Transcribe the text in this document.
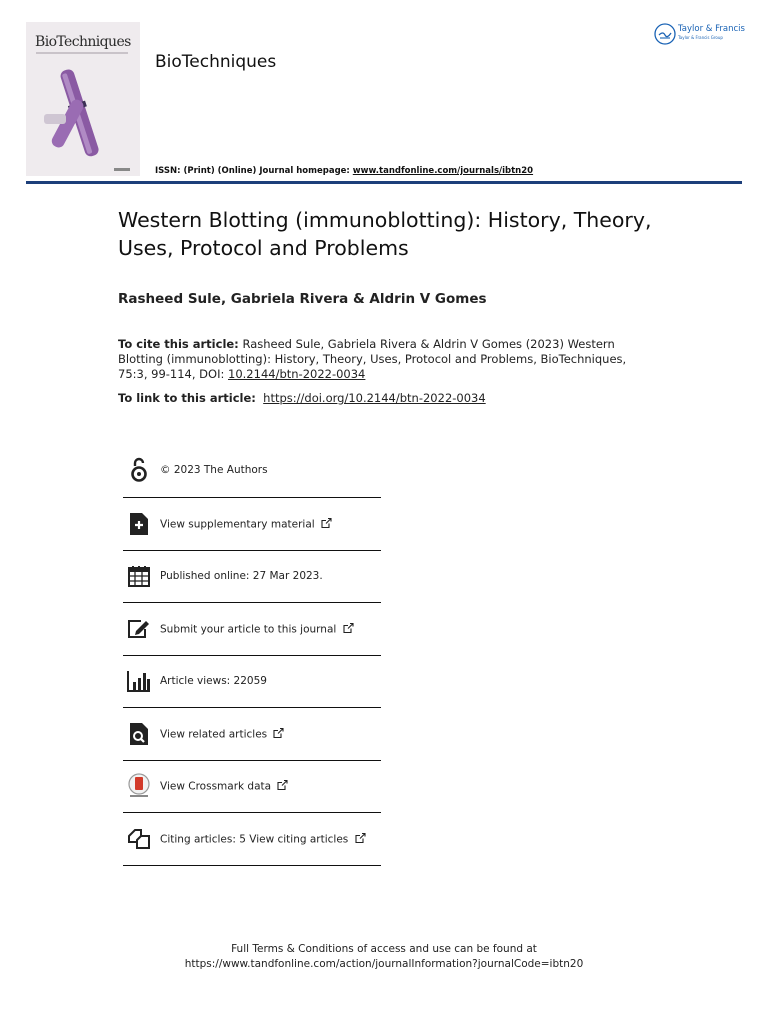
BioTechniques
BioTechniques
ISSN: (Print) (Online) Journal homepage: www.tandfonline.com/journals/ibtn20
Taylor & Francis
Taylor & Francis Group
Western Blotting (immunoblotting): History, Theory, Uses, Protocol and Problems
Rasheed Sule, Gabriela Rivera & Aldrin V Gomes
To cite this article: Rasheed Sule, Gabriela Rivera & Aldrin V Gomes (2023) Western Blotting (immunoblotting): History, Theory, Uses, Protocol and Problems, BioTechniques, 75:3, 99-114, DOI: 10.2144/btn-2022-0034
To link to this article: https://doi.org/10.2144/btn-2022-0034
© 2023 The Authors
View supplementary material
Published online: 27 Mar 2023.
Submit your article to this journal
Article views: 22059
View related articles
View Crossmark data
Citing articles: 5 View citing articles
Full Terms & Conditions of access and use can be found at
https://www.tandfonline.com/action/journalInformation?journalCode=ibtn20
